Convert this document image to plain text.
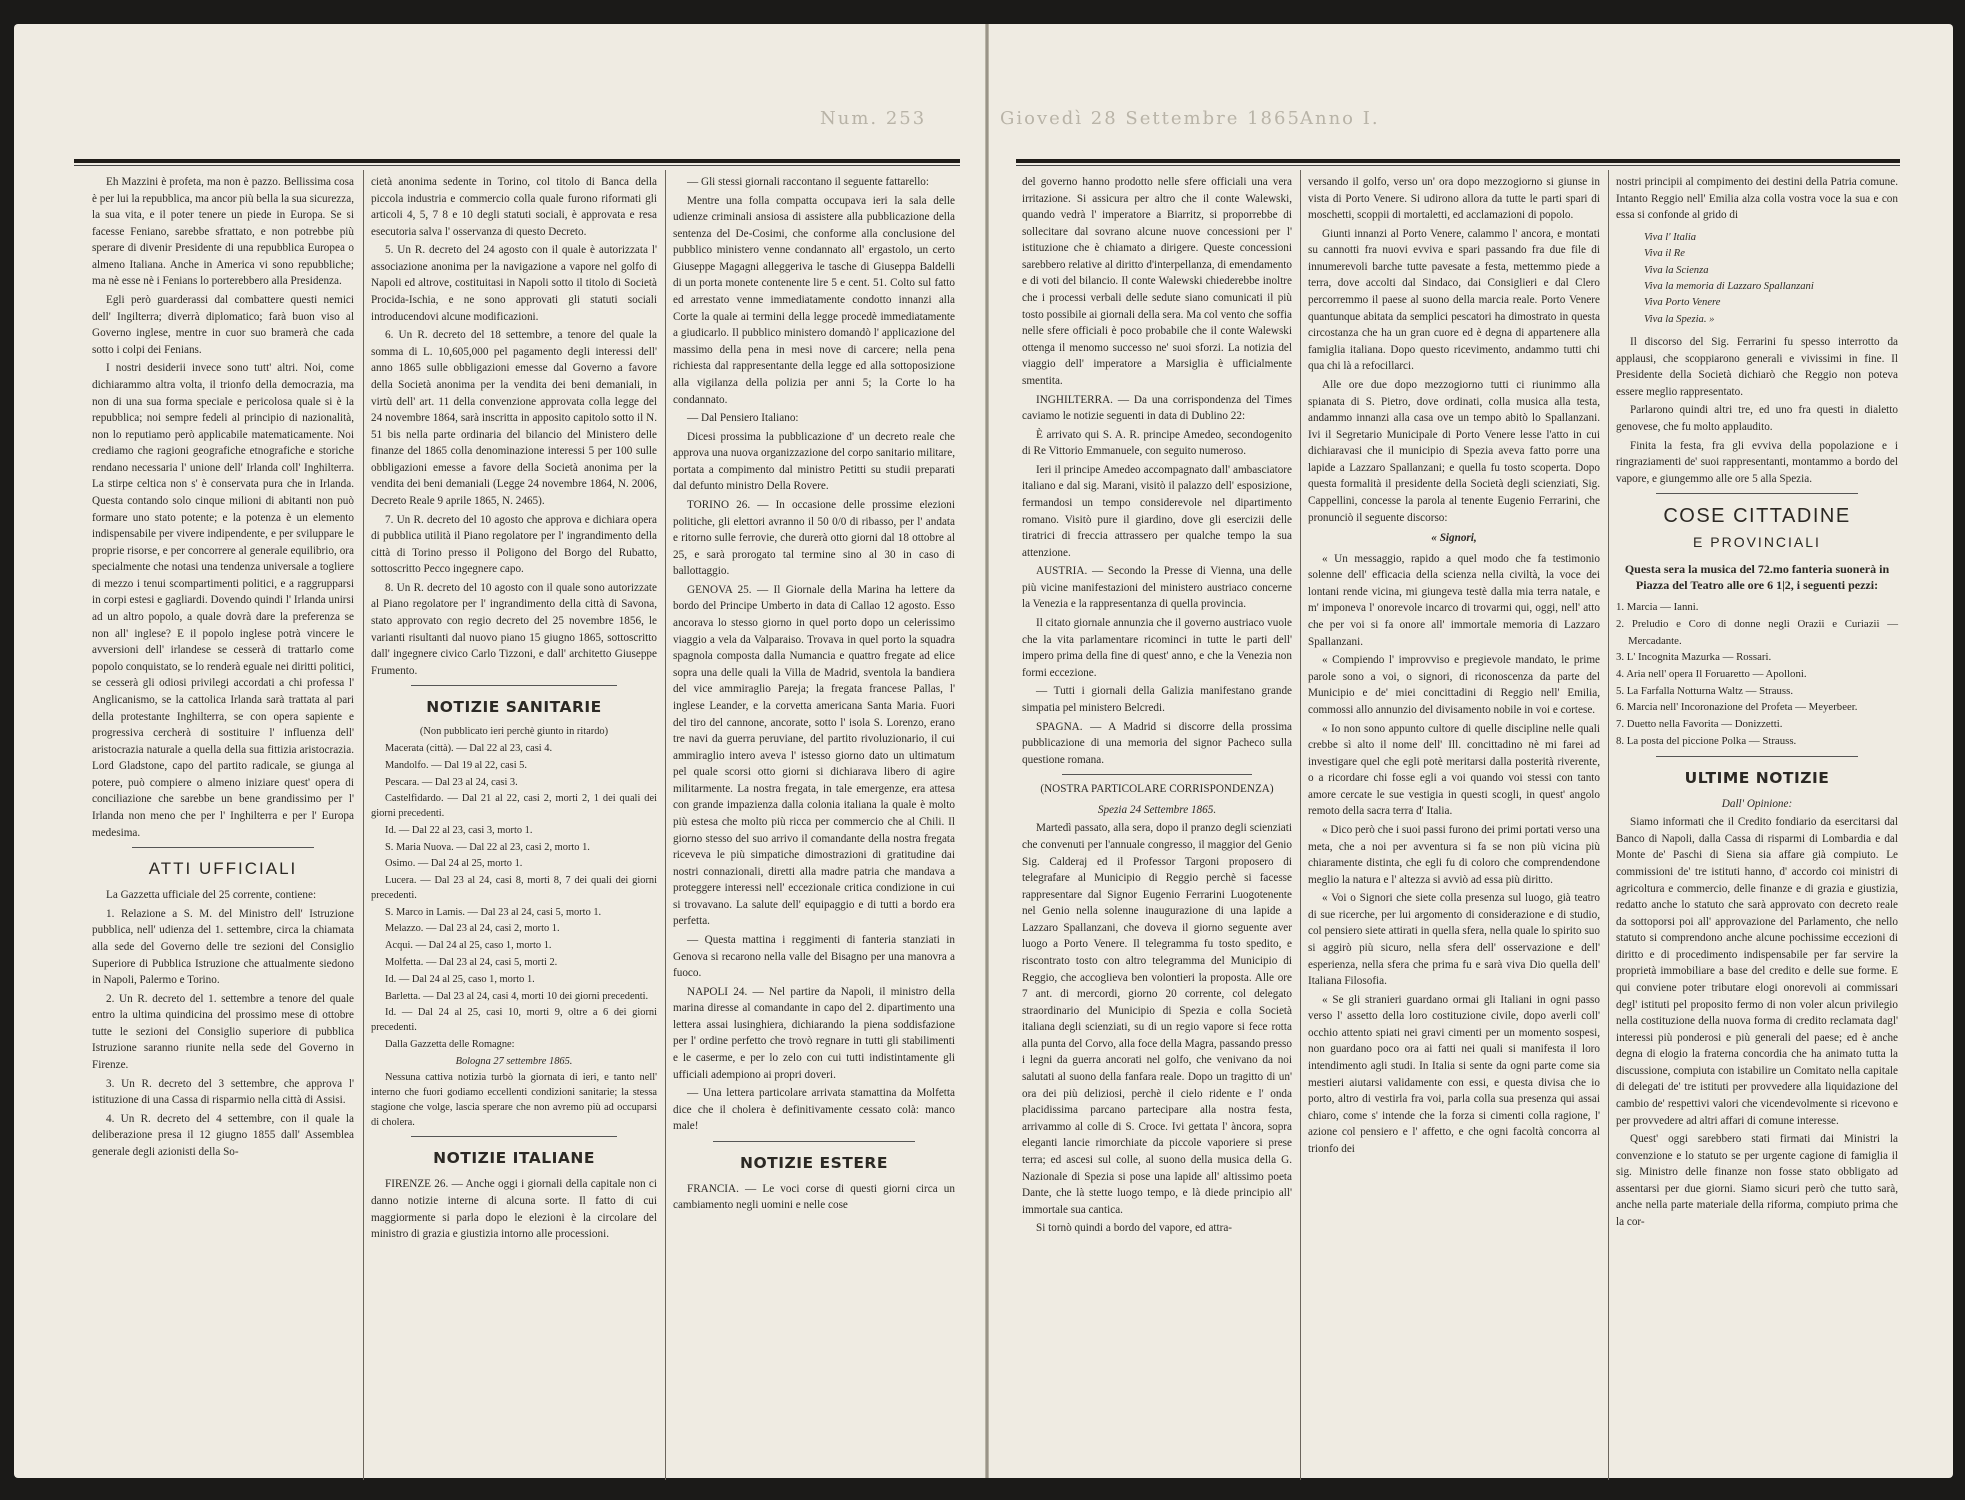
Num. 253	Giovedì 28 Settembre 1865 Anno I.

Eh Mazzini è profeta, ma non è pazzo. Bellissima cosa è per lui la repubblica, ma ancor più bella la sua sicurezza, la sua vita, e il poter tenere un piede in Europa. Se si facesse Feniano, sarebbe sfrattato, e non potrebbe più sperare di divenir Presidente di una repubblica Europea o almeno Italiana. Anche in America vi sono repubbliche; ma nè esse nè i Fenians lo porterebbero alla Presidenza.

Egli però guarderassi dal combattere questi nemici dell' Ingilterra; diverrà diplomatico; farà buon viso al Governo inglese, mentre in cuor suo bramerà che cada sotto i colpi dei Fenians.

I nostri desiderii invece sono tutt' altri. Noi, come dichiarammo altra volta, il trionfo della democrazia, ma non di una sua forma speciale e pericolosa quale si è la repubblica; noi sempre fedeli al principio di nazionalità, non lo reputiamo però applicabile matematicamente. Noi crediamo che ragioni geografiche etnografiche e storiche rendano necessaria l' unione dell' Irlanda coll' Inghilterra. La stirpe celtica non s' è conservata pura che in Irlanda. Questa contando solo cinque milioni di abitanti non può formare uno stato potente; e la potenza è un elemento indispensabile per vivere indipendente, e per sviluppare le proprie risorse, e per concorrere al generale equilibrio, ora specialmente che notasi una tendenza universale a togliere di mezzo i tenui scompartimenti politici, e a raggrupparsi in corpi estesi e gagliardi. Dovendo quindi l' Irlanda unirsi ad un altro popolo, a quale dovrà dare la preferenza se non all' inglese? E il popolo inglese potrà vincere le avversioni dell' irlandese se cesserà di trattarlo come popolo conquistato, se lo renderà eguale nei diritti politici, se cesserà gli odiosi privilegi accordati a chi professa l' Anglicanismo, se la cattolica Irlanda sarà trattata al pari della protestante Inghilterra, se con opera sapiente e progressiva cercherà di sostituire l' influenza dell' aristocrazia naturale a quella della sua fittizia aristocrazia. Lord Gladstone, capo del partito radicale, se giunga al potere, può compiere o almeno iniziare quest' opera di conciliazione che sarebbe un bene grandissimo per l' Irlanda non meno che per l' Inghilterra e per l' Europa medesima.

ATTI UFFICIALI

La Gazzetta ufficiale del 25 corrente, contiene:

1. Relazione a S. M. del Ministro dell' Istruzione pubblica, nell' udienza del 1. settembre, circa la chiamata alla sede del Governo delle tre sezioni del Consiglio Superiore di Pubblica Istruzione che attualmente siedono in Napoli, Palermo e Torino.

2. Un R. decreto del 1. settembre a tenore del quale entro la ultima quindicina del prossimo mese di ottobre tutte le sezioni del Consiglio superiore di pubblica Istruzione saranno riunite nella sede del Governo in Firenze.

3. Un R. decreto del 3 settembre, che approva l' istituzione di una Cassa di risparmio nella città di Assisi.

4. Un R. decreto del 4 settembre, con il quale la deliberazione presa il 12 giugno 1855 dall' Assemblea generale degli azionisti della So-

cietà anonima sedente in Torino, col titolo di Banca della piccola industria e commercio colla quale furono riformati gli articoli 4, 5, 7 8 e 10 degli statuti sociali, è approvata e resa esecutoria salva l' osservanza di questo Decreto.

5. Un R. decreto del 24 agosto con il quale è autorizzata l' associazione anonima per la navigazione a vapore nel golfo di Napoli ed altrove, costituitasi in Napoli sotto il titolo di Società Procida-Ischia, e ne sono approvati gli statuti sociali introducendovi alcune modificazioni.

6. Un R. decreto del 18 settembre, a tenore del quale la somma di L. 10,605,000 pel pagamento degli interessi dell' anno 1865 sulle obbligazioni emesse dal Governo a favore della Società anonima per la vendita dei beni demaniali, in virtù dell' art. 11 della convenzione approvata colla legge del 24 novembre 1864, sarà inscritta in apposito capitolo sotto il N. 51 bis nella parte ordinaria del bilancio del Ministero delle finanze del 1865 colla denominazione interessi 5 per 100 sulle obbligazioni emesse a favore della Società anonima per la vendita dei beni demaniali (Legge 24 novembre 1864, N. 2006, Decreto Reale 9 aprile 1865, N. 2465).

7. Un R. decreto del 10 agosto che approva e dichiara opera di pubblica utilità il Piano regolatore per l' ingrandimento della città di Torino presso il Poligono del Borgo del Rubatto, sottoscritto Pecco ingegnere capo.

8. Un R. decreto del 10 agosto con il quale sono autorizzate al Piano regolatore per l' ingrandimento della città di Savona, stato approvato con regio decreto del 25 novembre 1856, le varianti risultanti dal nuovo piano 15 giugno 1865, sottoscritto dall' ingegnere civico Carlo Tizzoni, e dall' architetto Giuseppe Frumento.

NOTIZIE SANITARIE

(Non pubblicato ieri perchè giunto in ritardo)

Macerata (città). — Dal 22 al 23, casi 4.

Mandolfo. — Dal 19 al 22, casi 5.

Pescara. — Dal 23 al 24, casi 3.

Castelfidardo. — Dal 21 al 22, casi 2, morti 2, 1 dei quali dei giorni precedenti.

Id. — Dal 22 al 23, casi 3, morto 1.

S. Maria Nuova. — Dal 22 al 23, casi 2, morto 1.

Osimo. — Dal 24 al 25, morto 1.

Lucera. — Dal 23 al 24, casi 8, morti 8, 7 dei quali dei giorni precedenti.

S. Marco in Lamis. — Dal 23 al 24, casi 5, morto 1.

Melazzo. — Dal 23 al 24, casi 2, morto 1.

Acqui. — Dal 24 al 25, caso 1, morto 1.

Molfetta. — Dal 23 al 24, casi 5, morti 2.

Id. — Dal 24 al 25, caso 1, morto 1.

Barletta. — Dal 23 al 24, casi 4, morti 10 dei giorni precedenti.

Id. — Dal 24 al 25, casi 10, morti 9, oltre a 6 dei giorni precedenti.

Dalla Gazzetta delle Romagne:

Bologna 27 settembre 1865.

Nessuna cattiva notizia turbò la giornata di ieri, e tanto nell' interno che fuori godiamo eccellenti condizioni sanitarie; la stessa stagione che volge, lascia sperare che non avremo più ad occuparsi di cholera.

NOTIZIE ITALIANE

FIRENZE 26. — Anche oggi i giornali della capitale non ci danno notizie interne di alcuna sorte. Il fatto di cui maggiormente si parla dopo le elezioni è la circolare del ministro di grazia e giustizia intorno alle processioni.

— Gli stessi giornali raccontano il seguente fattarello:

Mentre una folla compatta occupava ieri la sala delle udienze criminali ansiosa di assistere alla pubblicazione della sentenza del De-Cosimi, che conforme alla conclusione del pubblico ministero venne condannato all' ergastolo, un certo Giuseppe Magagni alleggeriva le tasche di Giuseppa Baldelli di un porta monete contenente lire 5 e cent. 51. Colto sul fatto ed arrestato venne immediatamente condotto innanzi alla Corte la quale ai termini della legge procedè immediatamente a giudicarlo. Il pubblico ministero domandò l' applicazione del massimo della pena in mesi nove di carcere; nella pena richiesta dal rappresentante della legge ed alla sottoposizione alla vigilanza della polizia per anni 5; la Corte lo ha condannato.

— Dal Pensiero Italiano:

Dicesi prossima la pubblicazione d' un decreto reale che approva una nuova organizzazione del corpo sanitario militare, portata a compimento dal ministro Petitti su studii preparati dal defunto ministro Della Rovere.

TORINO 26. — In occasione delle prossime elezioni politiche, gli elettori avranno il 50 0/0 di ribasso, per l' andata e ritorno sulle ferrovie, che durerà otto giorni dal 18 ottobre al 25, e sarà prorogato tal termine sino al 30 in caso di ballottaggio.

GENOVA 25. — Il Giornale della Marina ha lettere da bordo del Principe Umberto in data di Callao 12 agosto. Esso ancorava lo stesso giorno in quel porto dopo un celerissimo viaggio a vela da Valparaiso. Trovava in quel porto la squadra spagnola composta dalla Numancia e quattro fregate ad elice sopra una delle quali la Villa de Madrid, sventola la bandiera del vice ammiraglio Pareja; la fregata francese Pallas, l' inglese Leander, e la corvetta americana Santa Maria. Fuori del tiro del cannone, ancorate, sotto l' isola S. Lorenzo, erano tre navi da guerra peruviane, del partito rivoluzionario, il cui ammiraglio intero aveva l' istesso giorno dato un ultimatum pel quale scorsi otto giorni si dichiarava libero di agire militarmente. La nostra fregata, in tale emergenze, era attesa con grande impazienza dalla colonia italiana la quale è molto più estesa che molto più ricca per commercio che al Chili. Il giorno stesso del suo arrivo il comandante della nostra fregata riceveva le più simpatiche dimostrazioni di gratitudine dai nostri connazionali, diretti alla madre patria che mandava a proteggere interessi nell' eccezionale critica condizione in cui si trovavano. La salute dell' equipaggio e di tutti a bordo era perfetta.

— Questa mattina i reggimenti di fanteria stanziati in Genova si recarono nella valle del Bisagno per una manovra a fuoco.

NAPOLI 24. — Nel partire da Napoli, il ministro della marina diresse al comandante in capo del 2. dipartimento una lettera assai lusinghiera, dichiarando la piena soddisfazione per l' ordine perfetto che trovò regnare in tutti gli stabilimenti e le caserme, e per lo zelo con cui tutti indistintamente gli ufficiali adempiono ai propri doveri.

— Una lettera particolare arrivata stamattina da Molfetta dice che il cholera è definitivamente cessato colà: manco male!

NOTIZIE ESTERE

FRANCIA. — Le voci corse di questi giorni circa un cambiamento negli uomini e nelle cose

del governo hanno prodotto nelle sfere officiali una vera irritazione. Si assicura per altro che il conte Walewski, quando vedrà l' imperatore a Biarritz, si proporrebbe di sollecitare dal sovrano alcune nuove concessioni per l' istituzione che è chiamato a dirigere. Queste concessioni sarebbero relative al diritto d'interpellanza, di emendamento e di voti del bilancio. Il conte Walewski chiederebbe inoltre che i processi verbali delle sedute siano comunicati il più tosto possibile ai giornali della sera. Ma col vento che soffia nelle sfere officiali è poco probabile che il conte Walewski ottenga il menomo successo ne' suoi sforzi. La notizia del viaggio dell' imperatore a Marsiglia è ufficialmente smentita.

INGHILTERRA. — Da una corrispondenza del Times caviamo le notizie seguenti in data di Dublino 22:

È arrivato qui S. A. R. principe Amedeo, secondogenito di Re Vittorio Emmanuele, con seguito numeroso.

Ieri il principe Amedeo accompagnato dall' ambasciatore italiano e dal sig. Marani, visitò il palazzo dell' esposizione, fermandosi un tempo considerevole nel dipartimento romano. Visitò pure il giardino, dove gli esercizii delle tiratrici di freccia attrassero per qualche tempo la sua attenzione.

AUSTRIA. — Secondo la Presse di Vienna, una delle più vicine manifestazioni del ministero austriaco concerne la Venezia e la rappresentanza di quella provincia.

Il citato giornale annunzia che il governo austriaco vuole che la vita parlamentare ricominci in tutte le parti dell' impero prima della fine di quest' anno, e che la Venezia non formi eccezione.

— Tutti i giornali della Galizia manifestano grande simpatia pel ministero Belcredi.

SPAGNA. — A Madrid si discorre della prossima pubblicazione di una memoria del signor Pacheco sulla questione romana.

(NOSTRA PARTICOLARE CORRISPONDENZA)

Spezia 24 Settembre 1865.

Martedì passato, alla sera, dopo il pranzo degli scienziati che convenuti per l'annuale congresso, il maggior del Genio Sig. Calderaj ed il Professor Targoni proposero di telegrafare al Municipio di Reggio perchè si facesse rappresentare dal Signor Eugenio Ferrarini Luogotenente nel Genio nella solenne inaugurazione di una lapide a Lazzaro Spallanzani, che doveva il giorno seguente aver luogo a Porto Venere. Il telegramma fu tosto spedito, e riscontrato tosto con altro telegramma del Municipio di Reggio, che accoglieva ben volontieri la proposta. Alle ore 7 ant. di mercordi, giorno 20 corrente, col delegato straordinario del Municipio di Spezia e colla Società italiana degli scienziati, su di un regio vapore si fece rotta alla punta del Corvo, alla foce della Magra, passando presso i legni da guerra ancorati nel golfo, che venivano da noi salutati al suono della fanfara reale. Dopo un tragitto di un' ora dei più deliziosi, perchè il cielo ridente e l' onda placidissima parcano partecipare alla nostra festa, arrivammo al colle di S. Croce. Ivi gettata l' àncora, sopra eleganti lancie rimorchiate da piccole vaporiere si prese terra; ed ascesi sul colle, al suono della musica della G. Nazionale di Spezia si pose una lapide all' altissimo poeta Dante, che là stette luogo tempo, e là diede principio all' immortale sua cantica.

Si tornò quindi a bordo del vapore, ed attra-

versando il golfo, verso un' ora dopo mezzogiorno si giunse in vista di Porto Venere. Si udirono allora da tutte le parti spari di moschetti, scoppii di mortaletti, ed acclamazioni di popolo.

Giunti innanzi al Porto Venere, calammo l' ancora, e montati su cannotti fra nuovi evviva e spari passando fra due file di innumerevoli barche tutte pavesate a festa, mettemmo piede a terra, dove accolti dal Sindaco, dai Consiglieri e dal Clero percorremmo il paese al suono della marcia reale. Porto Venere quantunque abitata da semplici pescatori ha dimostrato in questa circostanza che ha un gran cuore ed è degna di appartenere alla famiglia italiana. Dopo questo ricevimento, andammo tutti chi qua chi là a refocillarci.

Alle ore due dopo mezzogiorno tutti ci riunimmo alla spianata di S. Pietro, dove ordinati, colla musica alla testa, andammo innanzi alla casa ove un tempo abitò lo Spallanzani. Ivi il Segretario Municipale di Porto Venere lesse l'atto in cui dichiaravasi che il municipio di Spezia aveva fatto porre una lapide a Lazzaro Spallanzani; e quella fu tosto scoperta. Dopo questa formalità il presidente della Società degli scienziati, Sig. Cappellini, concesse la parola al tenente Eugenio Ferrarini, che pronunciò il seguente discorso:

« Signori,

« Un messaggio, rapido a quel modo che fa testimonio solenne dell' efficacia della scienza nella civiltà, la voce dei lontani rende vicina, mi giungeva testè dalla mia terra natale, e m' imponeva l' onorevole incarco di trovarmi qui, oggi, nell' atto che per voi si fa onore all' immortale memoria di Lazzaro Spallanzani.

« Compiendo l' improvviso e pregievole mandato, le prime parole sono a voi, o signori, di riconoscenza da parte del Municipio e de' miei concittadini di Reggio nell' Emilia, commossi allo annunzio del divisamento nobile in voi e cortese.

« Io non sono appunto cultore di quelle discipline nelle quali crebbe sì alto il nome dell' Ill. concittadino nè mi farei ad investigare quel che egli potè meritarsi dalla posterità riverente, o a ricordare chi fosse egli a voi quando voi stessi con tanto amore cercate le sue vestigia in questi scogli, in quest' angolo remoto della sacra terra d' Italia.

« Dico però che i suoi passi furono dei primi portati verso una meta, che a noi per avventura si fa se non più vicina più chiaramente distinta, che egli fu di coloro che comprendendone meglio la natura e l' altezza si avviò ad essa più diritto.

« Voi o Signori che siete colla presenza sul luogo, già teatro di sue ricerche, per lui argomento di considerazione e di studio, col pensiero siete attirati in quella sfera, nella quale lo spirito suo si aggirò più sicuro, nella sfera dell' osservazione e dell' esperienza, nella sfera che prima fu e sarà viva Dio quella dell' Italiana Filosofia.

« Se gli stranieri guardano ormai gli Italiani in ogni passo verso l' assetto della loro costituzione civile, dopo averli coll' occhio attento spiati nei gravi cimenti per un momento sospesi, non guardano poco ora ai fatti nei quali si manifesta il loro intendimento agli studi. In Italia si sente da ogni parte come sia mestieri aiutarsi validamente con essi, e questa divisa che io porto, altro di vestirla fra voi, parla colla sua presenza qui assai chiaro, come s' intende che la forza si cimenti colla ragione, l' azione col pensiero e l' affetto, e che ogni facoltà concorra al trionfo dei

nostri principii al compimento dei destini della Patria comune. Intanto Reggio nell' Emilia alza colla vostra voce la sua e con essa si confonde al grido di

Viva l' Italia
Viva il Re
Viva la Scienza
Viva la memoria di Lazzaro Spallanzani
Viva Porto Venere
Viva la Spezia. »

Il discorso del Sig. Ferrarini fu spesso interrotto da applausi, che scoppiarono generali e vivissimi in fine. Il Presidente della Società dichiarò che Reggio non poteva essere meglio rappresentato.

Parlarono quindi altri tre, ed uno fra questi in dialetto genovese, che fu molto applaudito.

Finita la festa, fra gli evviva della popolazione e i ringraziamenti de' suoi rappresentanti, montammo a bordo del vapore, e giungemmo alle ore 5 alla Spezia.

COSE CITTADINE
E PROVINCIALI
Questa sera la musica del 72.mo fanteria suonerà in Piazza del Teatro alle ore 6 1|2, i seguenti pezzi:
1. Marcia — Ianni.
2. Preludio e Coro di donne negli Orazii e Curiazii — Mercadante.
3. L' Incognita Mazurka — Rossari.
4. Aria nell' opera Il Foruaretto — Apolloni.
5. La Farfalla Notturna Waltz — Strauss.
6. Marcia nell' Incoronazione del Profeta — Meyerbeer.
7. Duetto nella Favorita — Donizzetti.
8. La posta del piccione Polka — Strauss.
ULTIME NOTIZIE

Dall' Opinione:

Siamo informati che il Credito fondiario da esercitarsi dal Banco di Napoli, dalla Cassa di risparmi di Lombardia e dal Monte de' Paschi di Siena sia affare già compiuto. Le commissioni de' tre istituti hanno, d' accordo coi ministri di agricoltura e commercio, delle finanze e di grazia e giustizia, redatto anche lo statuto che sarà approvato con decreto reale da sottoporsi poi all' approvazione del Parlamento, che nello statuto si comprendono anche alcune pochissime eccezioni di diritto e di procedimento indispensabile per far servire la proprietà immobiliare a base del credito e delle sue forme. E qui conviene poter tributare elogi onorevoli ai commissari degl' istituti pel proposito fermo di non voler alcun privilegio nella costituzione della nuova forma di credito reclamata dagl' interessi più ponderosi e più generali del paese; ed è anche degna di elogio la fraterna concordia che ha animato tutta la discussione, compiuta con istabilire un Comitato nella capitale di delegati de' tre istituti per provvedere alla liquidazione del cambio de' respettivi valori che vicendevolmente si ricevono e per provvedere ad altri affari di comune interesse.

Quest' oggi sarebbero stati firmati dai Ministri la convenzione e lo statuto se per urgente cagione di famiglia il sig. Ministro delle finanze non fosse stato obbligato ad assentarsi per due giorni. Siamo sicuri però che tutto sarà, anche nella parte materiale della riforma, compiuto prima che la cor-
